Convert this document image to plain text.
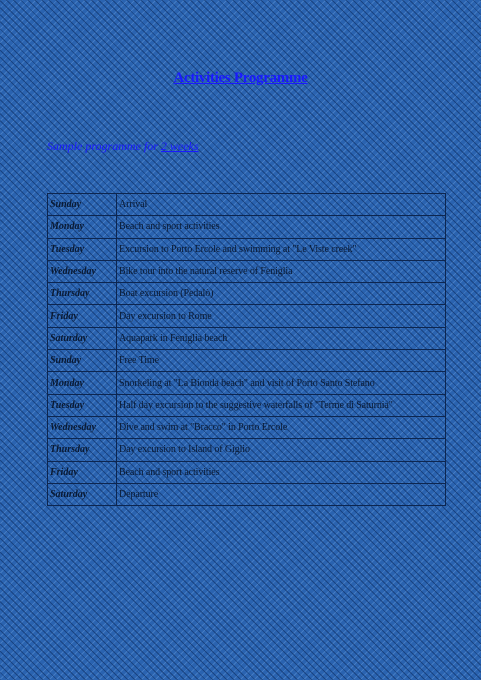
Activities Programme

Sample programme for 2 weeks

Sunday	Arrival
Monday	Beach and sport activities
Tuesday	Excursion to Porto Ercole and swimming at "Le Viste creek"
Wednesday	Bike tour into the natural reserve of Feniglia
Thursday	Boat excursion (Pedalò)
Friday	Day excursion to Rome
Saturday	Aquapark in Feniglia beach
Sunday	Free Time
Monday	Snorkeling at "La Bionda beach" and visit of Porto Santo Stefano
Tuesday	Half day excursion to the suggestive waterfalls of "Terme di Saturnia"
Wednesday	Dive and swim at "Bracco" in Porto Ercole
Thursday	Day excursion to Island of Giglio
Friday	Beach and sport activities
Saturday	Departure
